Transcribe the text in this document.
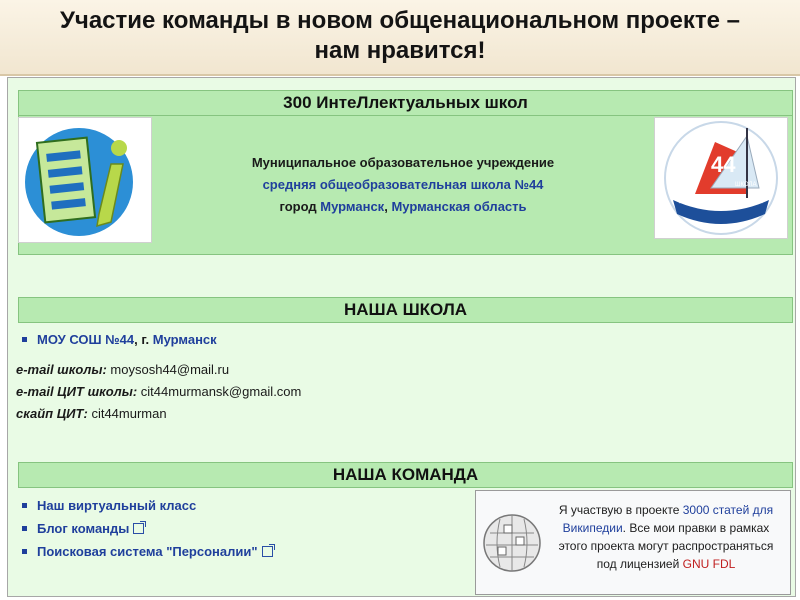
Участие команды в новом общенациональном проекте –
нам нравится!
300 ИнтеЛлектуальных школ
Муниципальное образовательное учреждение
средняя общеобразовательная школа №44
город Мурманск, Мурманская область
44
ШКОЛА
НАША ШКОЛА
МОУ СОШ №44, г. Мурманск
e-mail школы: moysosh44@mail.ru
e-mail ЦИТ школы: cit44murmansk@gmail.com
скайп ЦИТ: cit44murman
НАША КОМАНДА
Наш виртуальный класс
Блог команды
Поисковая система "Персоналии"
Я участвую в проекте 3000 статей для Википедии. Все мои правки в рамках этого проекта могут распространяться под лицензией GNU FDL
